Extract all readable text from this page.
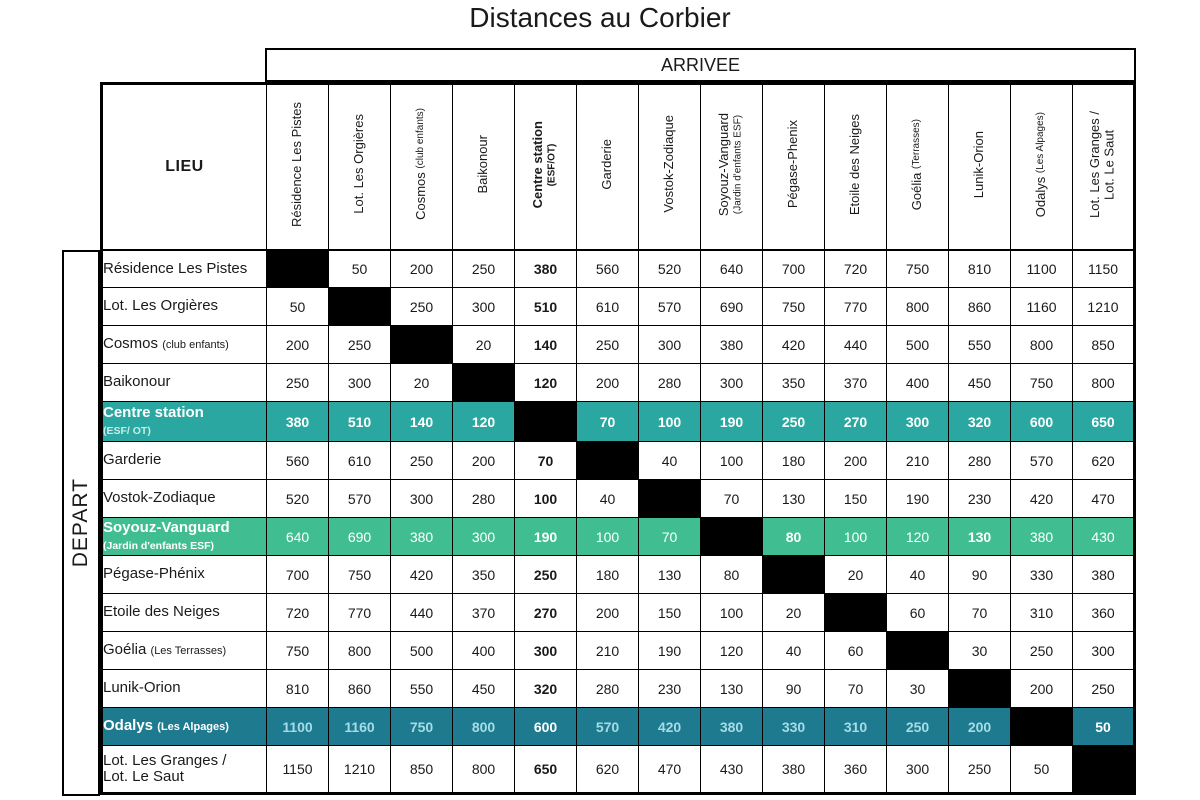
Distances au Corbier
ARRIVEE
DEPART
LIEU	Résidence Les Pistes	Lot. Les Orgières	Cosmos (club enfants)	Baikonour	Centre station (ESF/OT)	Garderie	Vostok-Zodiaque	Soyouz-Vanguard (Jardin d'enfants ESF)	Pégase-Phenix	Etoile des Neiges	Goélia (Terrasses)	Lunik-Orion	Odalys (Les Alpages)	Lot. Les Granges /
Lot. Le Saut
Résidence Les Pistes		50	200	250	380	560	520	640	700	720	750	810	1100	1150
Lot. Les Orgières	50		250	300	510	610	570	690	750	770	800	860	1160	1210
Cosmos (club enfants)	200	250		20	140	250	300	380	420	440	500	550	800	850
Baikonour	250	300	20		120	200	280	300	350	370	400	450	750	800
Centre station
(ESF/ OT)	380	510	140	120		70	100	190	250	270	300	320	600	650
Garderie	560	610	250	200	70		40	100	180	200	210	280	570	620
Vostok-Zodiaque	520	570	300	280	100	40		70	130	150	190	230	420	470
Soyouz-Vanguard
(Jardin d'enfants ESF)	640	690	380	300	190	100	70		80	100	120	130	380	430
Pégase-Phénix	700	750	420	350	250	180	130	80		20	40	90	330	380
Etoile des Neiges	720	770	440	370	270	200	150	100	20		60	70	310	360
Goélia (Les Terrasses)	750	800	500	400	300	210	190	120	40	60		30	250	300
Lunik-Orion	810	860	550	450	320	280	230	130	90	70	30		200	250
Odalys (Les Alpages)	1100	1160	750	800	600	570	420	380	330	310	250	200		50
Lot. Les Granges /
Lot. Le Saut	1150	1210	850	800	650	620	470	430	380	360	300	250	50	
